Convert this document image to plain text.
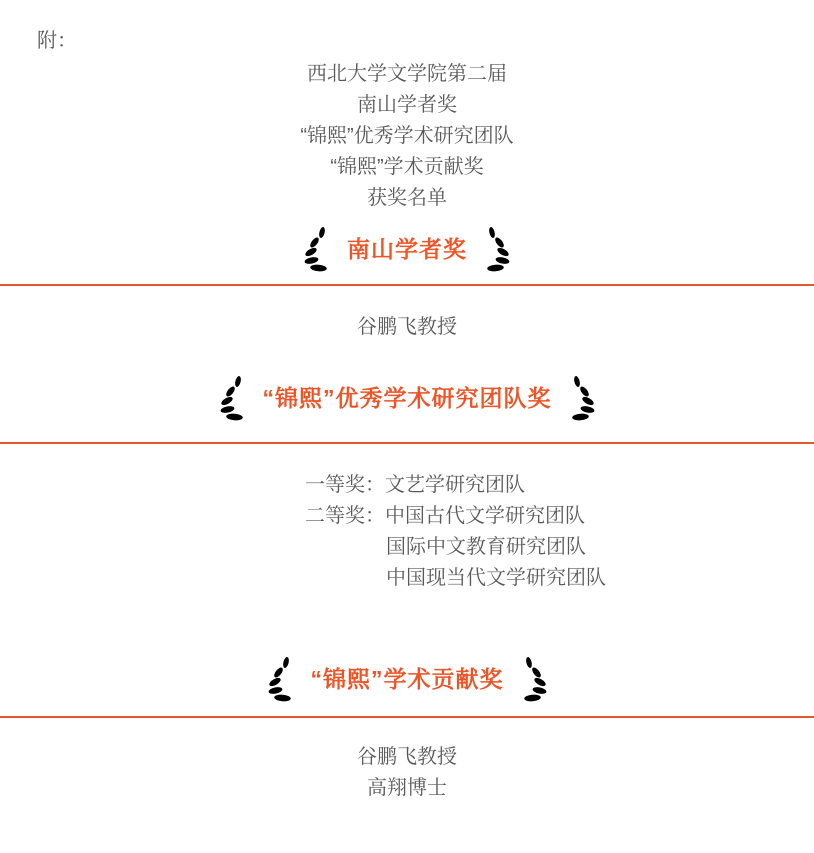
附：
西北大学文学院第二届
南山学者奖
“锦熙”优秀学术研究团队
“锦熙”学术贡献奖
获奖名单
南山学者奖
谷鹏飞教授
“锦熙”优秀学术研究团队奖
一等奖：文艺学研究团队
二等奖：中国古代文学研究团队
国际中文教育研究团队
中国现当代文学研究团队
“锦熙”学术贡献奖
谷鹏飞教授
高翔博士
